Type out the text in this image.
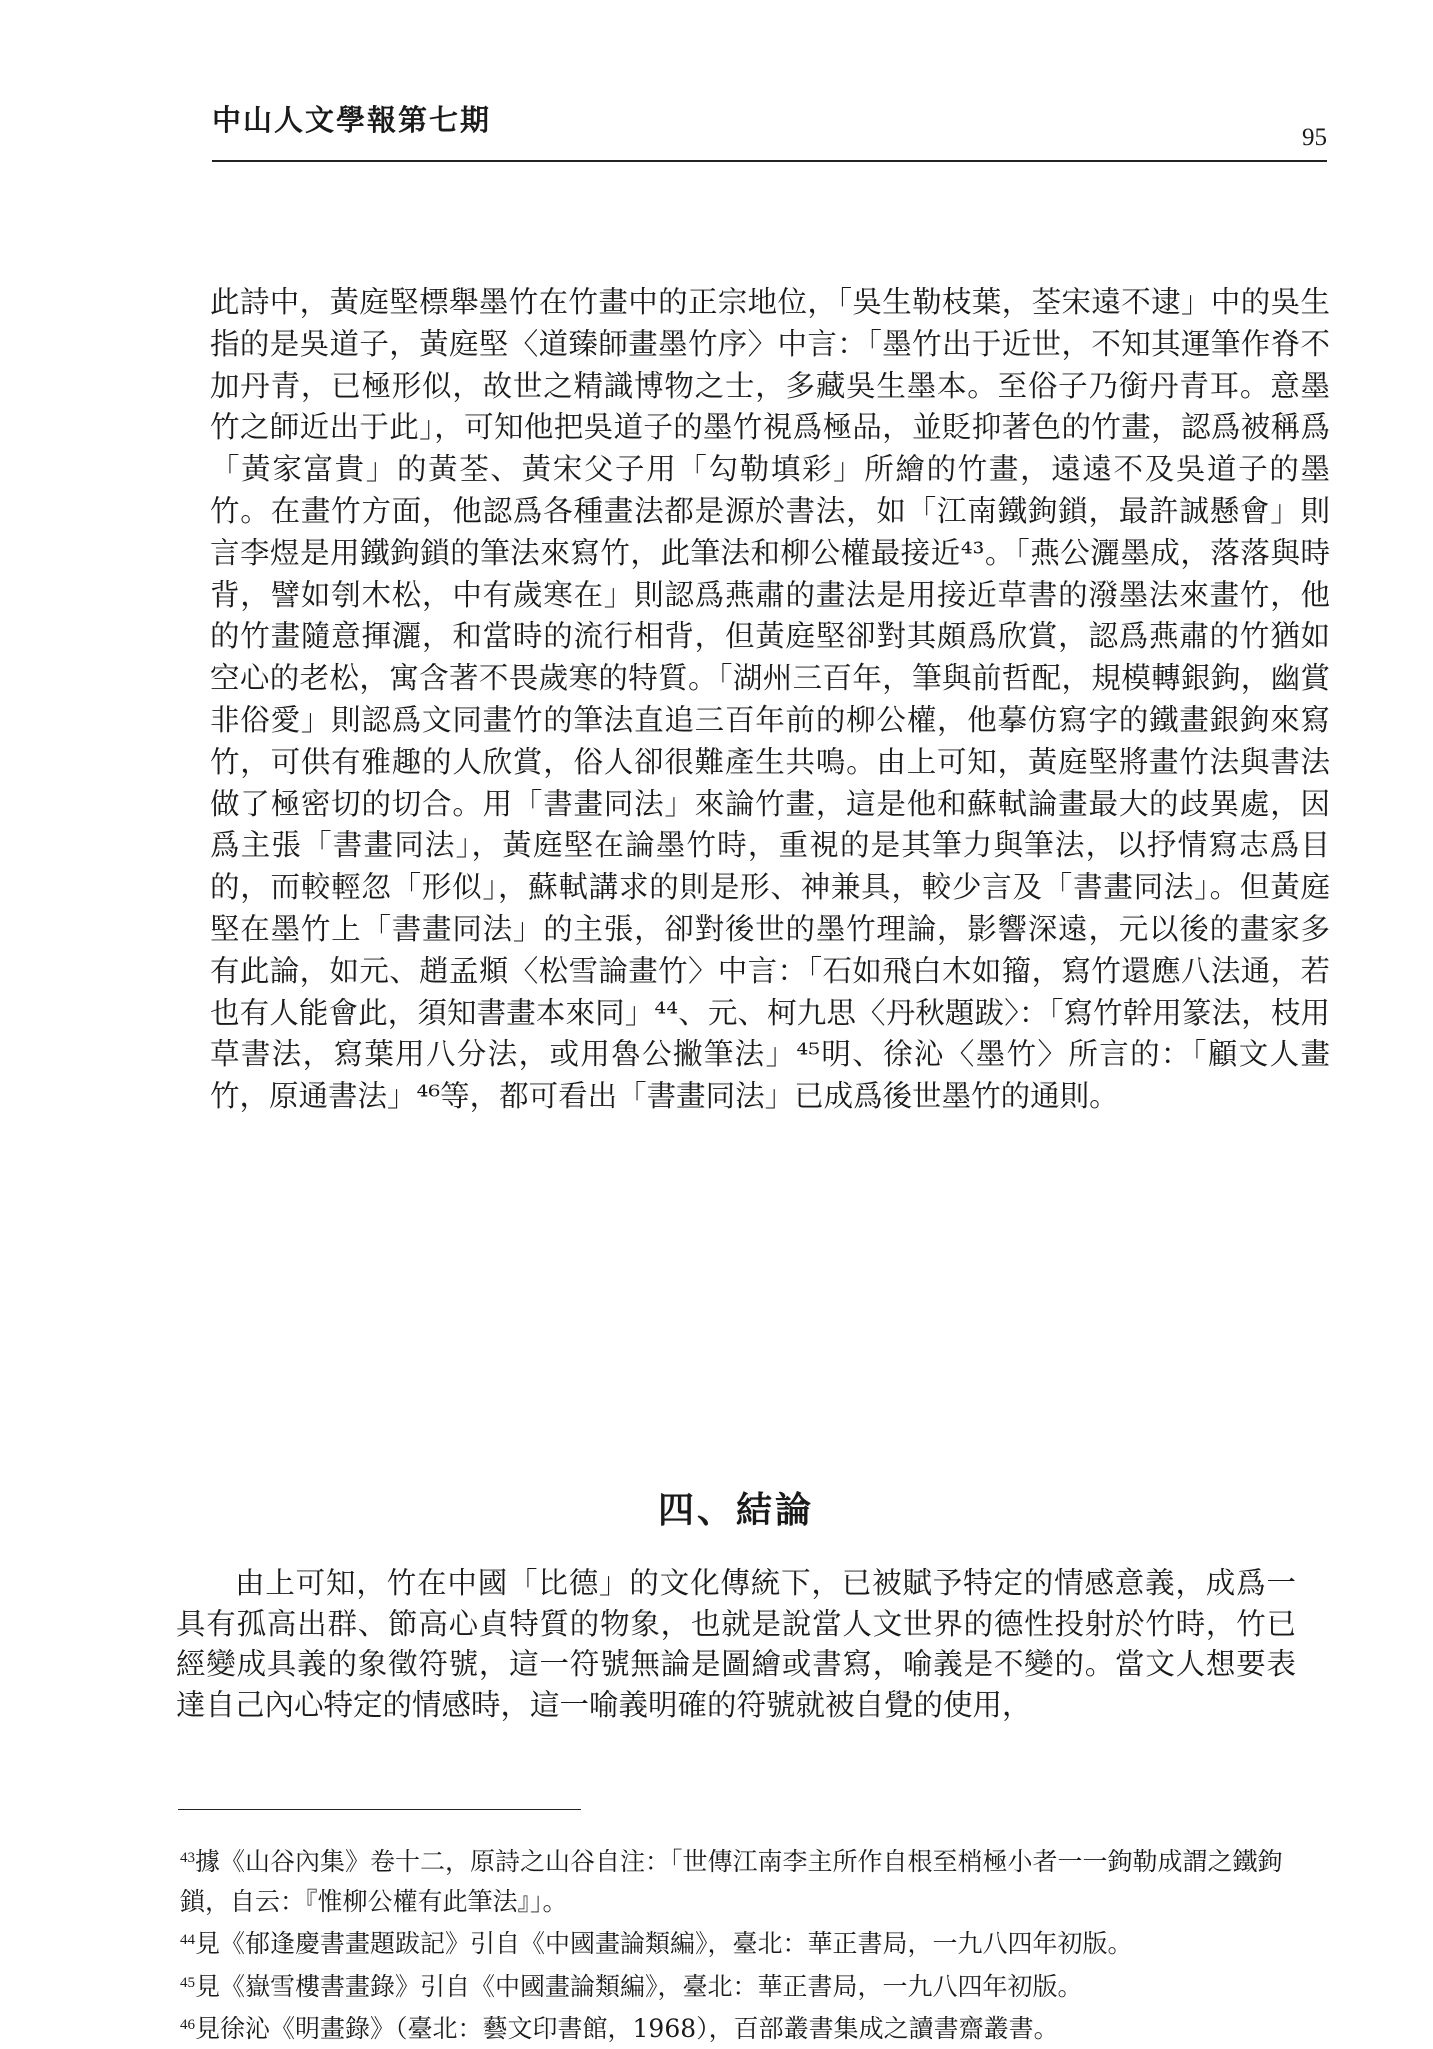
中山人文學報第七期
95

此詩中，黃庭堅標舉墨竹在竹畫中的正宗地位，「吳生勒枝葉，荃宋遠不逮」中的吳生指的是吳道子，黃庭堅〈道臻師畫墨竹序〉中言：「墨竹出于近世，不知其運筆作脊不加丹青，已極形似，故世之精識博物之士，多藏吳生墨本。至俗子乃銜丹青耳。意墨竹之師近出于此」，可知他把吳道子的墨竹視爲極品，並貶抑著色的竹畫，認爲被稱爲「黃家富貴」的黃荃、黃宋父子用「勾勒填彩」所繪的竹畫，遠遠不及吳道子的墨竹。在畫竹方面，他認爲各種畫法都是源於書法，如「江南鐵鉤鎖，最許誠懸會」則言李煜是用鐵鉤鎖的筆法來寫竹，此筆法和柳公權最接近⁴³。「燕公灑墨成，落落與時背，譬如刳木松，中有歲寒在」則認爲燕肅的畫法是用接近草書的潑墨法來畫竹，他的竹畫隨意揮灑，和當時的流行相背，但黃庭堅卻對其頗爲欣賞，認爲燕肅的竹猶如空心的老松，寓含著不畏歲寒的特質。「湖州三百年，筆與前哲配，規模轉銀鉤，幽賞非俗愛」則認爲文同畫竹的筆法直追三百年前的柳公權，他摹仿寫字的鐵畫銀鉤來寫竹，可供有雅趣的人欣賞，俗人卻很難產生共鳴。由上可知，黃庭堅將畫竹法與書法做了極密切的切合。用「書畫同法」來論竹畫，這是他和蘇軾論畫最大的歧異處，因爲主張「書畫同法」，黃庭堅在論墨竹時，重視的是其筆力與筆法，以抒情寫志爲目的，而較輕忽「形似」，蘇軾講求的則是形、神兼具，較少言及「書畫同法」。但黃庭堅在墨竹上「書畫同法」的主張，卻對後世的墨竹理論，影響深遠，元以後的畫家多有此論，如元、趙孟頫〈松雪論畫竹〉中言：「石如飛白木如籀，寫竹還應八法通，若也有人能會此，須知書畫本來同」⁴⁴、元、柯九思〈丹秋題跋〉：「寫竹幹用篆法，枝用草書法，寫葉用八分法，或用魯公撇筆法」⁴⁵明、徐沁〈墨竹〉所言的：「顧文人畫竹，原通書法」⁴⁶等，都可看出「書畫同法」已成爲後世墨竹的通則。

四、結論

由上可知，竹在中國「比德」的文化傳統下，已被賦予特定的情感意義，成爲一具有孤高出群、節高心貞特質的物象，也就是說當人文世界的德性投射於竹時，竹已經變成具義的象徵符號，這一符號無論是圖繪或書寫，喻義是不變的。當文人想要表達自己內心特定的情感時，這一喻義明確的符號就被自覺的使用，

$^{43}$據《山谷內集》卷十二，原詩之山谷自注：「世傳江南李主所作自根至梢極小者一一鉤勒成謂之鐵鉤鎖，自云：『惟柳公權有此筆法』」。

$^{44}$見《郁逢慶書畫題跋記》引自《中國畫論類編》，臺北：華正書局，一九八四年初版。

$^{45}$見《嶽雪樓書畫錄》引自《中國畫論類編》，臺北：華正書局，一九八四年初版。

$^{46}$見徐沁《明畫錄》（臺北：藝文印書館，1968），百部叢書集成之讀書齋叢書。
